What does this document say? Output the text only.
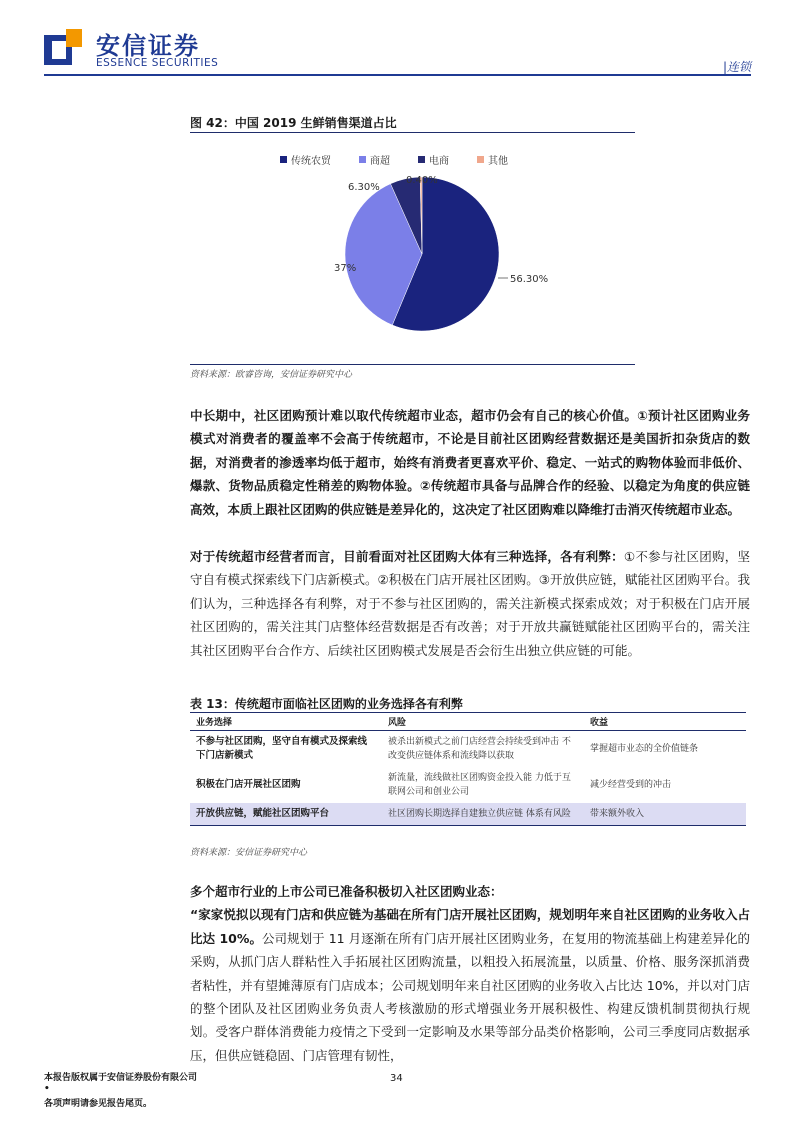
安信证券
ESSENCE SECURITIES	|连锁
图 42：中国 2019 生鲜销售渠道占比
传统农贸	商超	电商	其他
56.30%
37%
6.30%
0.40%
资料来源：欧睿咨询，安信证券研究中心
中长期中，社区团购预计难以取代传统超市业态，超市仍会有自己的核心价值。①预计社区团购业务模式对消费者的覆盖率不会高于传统超市，不论是目前社区团购经营数据还是美国折扣杂货店的数据，对消费者的渗透率均低于超市，始终有消费者更喜欢平价、稳定、一站式的购物体验而非低价、爆款、货物品质稳定性稍差的购物体验。②传统超市具备与品牌合作的经验、以稳定为角度的供应链高效，本质上跟社区团购的供应链是差异化的，这决定了社区团购难以降维打击消灭传统超市业态。
对于传统超市经营者而言，目前看面对社区团购大体有三种选择，各有利弊：①不参与社区团购，坚守自有模式探索线下门店新模式。②积极在门店开展社区团购。③开放供应链，赋能社区团购平台。我们认为，三种选择各有利弊，对于不参与社区团购的，需关注新模式探索成效；对于积极在门店开展社区团购的，需关注其门店整体经营数据是否有改善；对于开放共赢链赋能社区团购平台的，需关注其社区团购平台合作方、后续社区团购模式发展是否会衍生出独立供应链的可能。
表 13：传统超市面临社区团购的业务选择各有利弊
业务选择	风险	收益
不参与社区团购，坚守自有模式及探索线下门店新模式	被杀出新模式之前门店经营会持续受到冲击 不改变供应链体系和流线降以获取	掌握超市业态的全价值链条
积极在门店开展社区团购	新流量，流线做社区团购资金投入能 力低于互联网公司和创业公司	减少经营受到的冲击
开放供应链，赋能社区团购平台	社区团购长期选择自建独立供应链 体系有风险	带来额外收入
资料来源：安信证券研究中心
多个超市行业的上市公司已准备积极切入社区团购业态：
“家家悦拟以现有门店和供应链为基础在所有门店开展社区团购，规划明年来自社区团购的业务收入占比达 10%。公司规划于 11 月逐渐在所有门店开展社区团购业务，在复用的物流基础上构建差异化的采购，从抓门店人群粘性入手拓展社区团购流量，以粗投入拓展流量，以质量、价格、服务深抓消费者粘性，并有望摊薄原有门店成本；公司规划明年来自社区团购的业务收入占比达 10%，并以对门店的整个团队及社区团购业务负责人考核激励的形式增强业务开展积极性、构建反馈机制贯彻执行规划。受客户群体消费能力疫情之下受到一定影响及水果等部分品类价格影响，公司三季度同店数据承压，但供应链稳固、门店管理有韧性，
本报告版权属于安信证券股份有限公司
•
各项声明请参见报告尾页。
34
